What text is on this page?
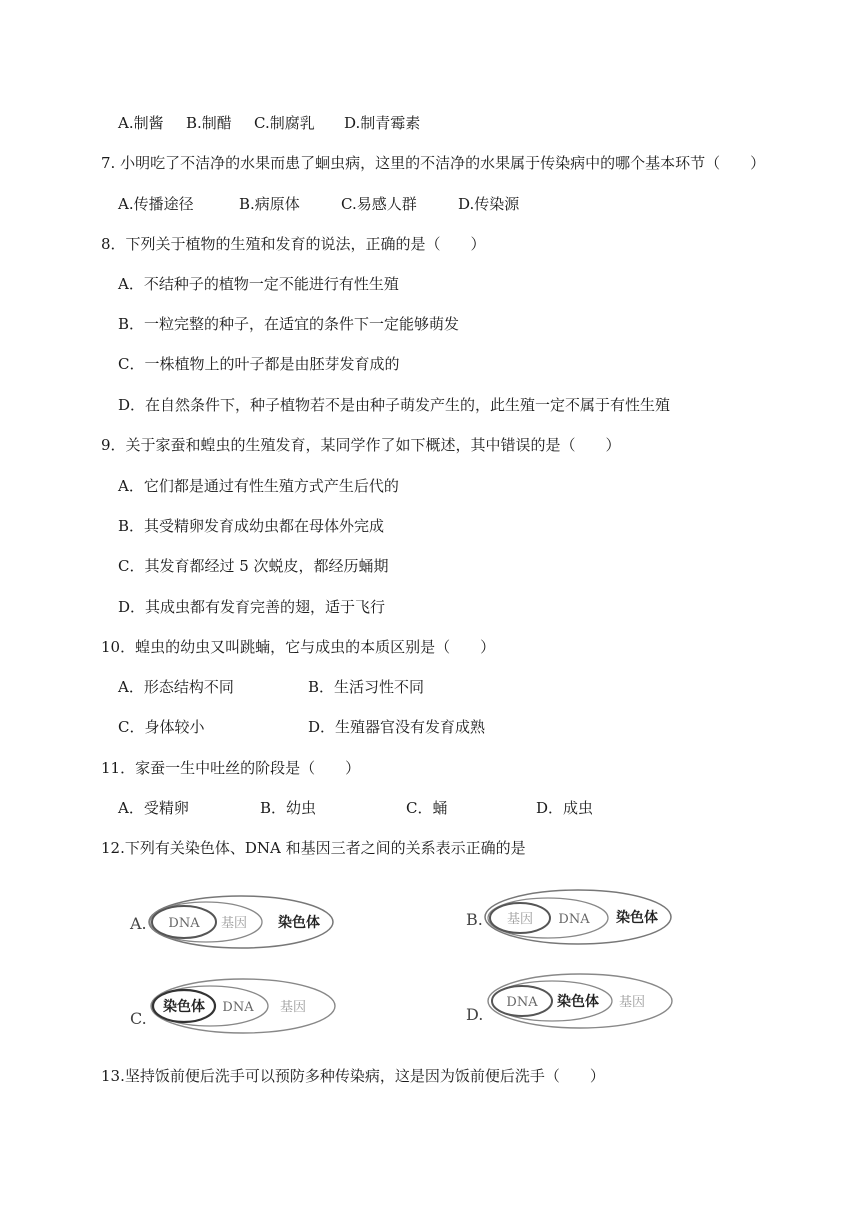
A.制酱 B.制醋 C.制腐乳 D.制青霉素
7. 小明吃了不洁净的水果而患了蛔虫病，这里的不洁净的水果属于传染病中的哪个基本环节（　　）
A.传播途径	B.病原体	C.易感人群	D.传染源
8．下列关于植物的生殖和发育的说法，正确的是（　　）
A．不结种子的植物一定不能进行有性生殖
B．一粒完整的种子，在适宜的条件下一定能够萌发
C．一株植物上的叶子都是由胚芽发育成的
D．在自然条件下，种子植物若不是由种子萌发产生的，此生殖一定不属于有性生殖
9．关于家蚕和蝗虫的生殖发育，某同学作了如下概述，其中错误的是（　　）
A．它们都是通过有性生殖方式产生后代的
B．其受精卵发育成幼虫都在母体外完成
C．其发育都经过 5 次蜕皮，都经历蛹期
D．其成虫都有发育完善的翅，适于飞行
10．蝗虫的幼虫又叫跳蝻，它与成虫的本质区别是（　　）
A．形态结构不同	B．生活习性不同
C．身体较小	D．生殖器官没有发育成熟
11．家蚕一生中吐丝的阶段是（　　）
A．受精卵	B．幼虫	C．蛹	D．成虫
12.下列有关染色体、DNA 和基因三者之间的关系表示正确的是
A. DNA 基因 染色体	B. 基因 DNA 染色体
C.
染色体 DNA 基因	D.
DNA 染色体 基因
13.坚持饭前便后洗手可以预防多种传染病，这是因为饭前便后洗手（　　）
